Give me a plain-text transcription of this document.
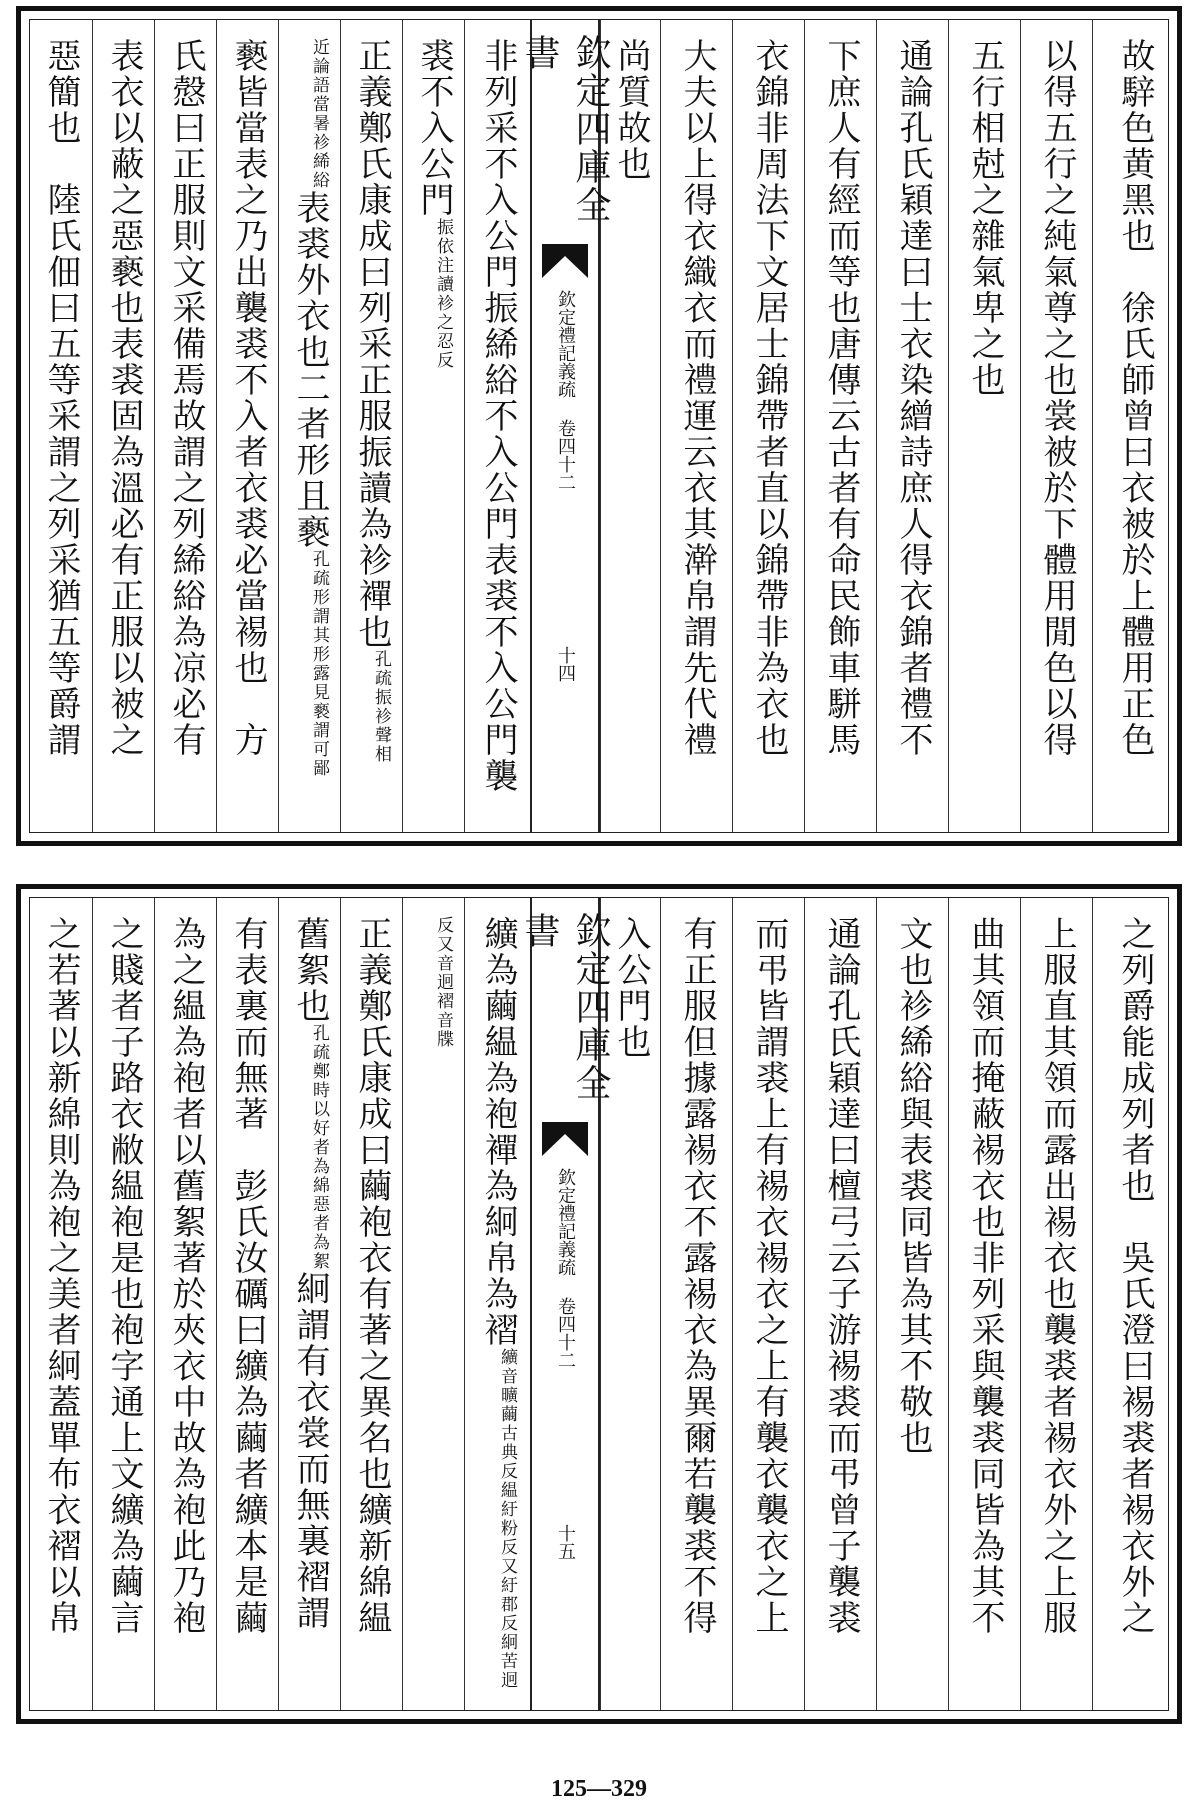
故騂色黄黑也　徐氏師曾曰衣被於上體用正色
以得五行之純氣尊之也裳被於下體用閒色以得
五行相尅之雜氣卑之也
通論孔氏穎達曰士衣染繒詩庶人得衣錦者禮不
下庶人有經而等也唐傳云古者有命民飾車駢馬
衣錦非周法下文居士錦帶者直以錦帶非為衣也
大夫以上得衣織衣而禮運云衣其澣帛謂先代禮
尚質故也
欽定四庫全書
欽定禮記義疏 卷四十二
十四
非列采不入公門振絺綌不入公門表裘不入公門襲
裘不入公門振依注讀袗之忍反
正義鄭氏康成曰列采正服振讀為袗襌也孔疏振袗聲相
近論語當暑袗絺綌表裘外衣也二者形且褻孔疏形謂其形露見褻謂可鄙
褻皆當表之乃出襲裘不入者衣裘必當裼也　方
氏慤曰正服則文采備焉故謂之列絺綌為凉必有
表衣以蔽之惡褻也表裘固為溫必有正服以被之
惡簡也　陸氏佃曰五等采謂之列采猶五等爵謂
之列爵能成列者也　吳氏澄曰裼裘者裼衣外之
上服直其領而露出裼衣也襲裘者裼衣外之上服
曲其領而掩蔽裼衣也非列采與襲裘同皆為其不
文也袗絺綌與表裘同皆為其不敬也
通論孔氏穎達曰檀弓云子游裼裘而弔曾子襲裘
而弔皆謂裘上有裼衣裼衣之上有襲衣襲衣之上
有正服但據露裼衣不露裼衣為異爾若襲裘不得
入公門也
欽定四庫全書
欽定禮記義疏 卷四十二
十五
纊為繭緼為袍襌為絅帛為褶纊音曠繭古典反緼紆粉反又紆郡反絅苦迥
反又音迥褶音牒
正義鄭氏康成曰繭袍衣有著之異名也纊新綿緼
舊絮也孔疏鄭時以好者為綿惡者為絮絅謂有衣裳而無裏褶謂
有表裏而無著　彭氏汝礪曰纊為繭者纊本是繭
為之緼為袍者以舊絮著於夾衣中故為袍此乃袍
之賤者子路衣敝緼袍是也袍字通上文纊為繭言
之若著以新綿則為袍之美者絅蓋單布衣褶以帛
125—329
